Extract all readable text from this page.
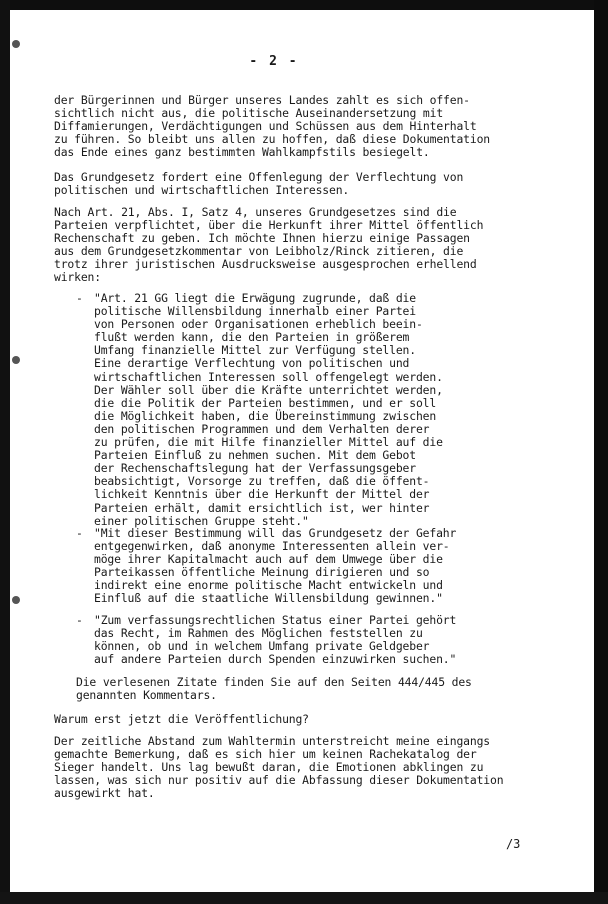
- 2 -
der Bürgerinnen und Bürger unseres Landes zahlt es sich offen-
sichtlich nicht aus, die politische Auseinandersetzung mit
Diffamierungen, Verdächtigungen und Schüssen aus dem Hinterhalt
zu führen. So bleibt uns allen zu hoffen, daß diese Dokumentation
das Ende eines ganz bestimmten Wahlkampfstils besiegelt.
Das Grundgesetz fordert eine Offenlegung der Verflechtung von
politischen und wirtschaftlichen Interessen.
Nach Art. 21, Abs. I, Satz 4, unseres Grundgesetzes sind die
Parteien verpflichtet, über die Herkunft ihrer Mittel öffentlich
Rechenschaft zu geben. Ich möchte Ihnen hierzu einige Passagen
aus dem Grundgesetzkommentar von Leibholz/Rinck zitieren, die
trotz ihrer juristischen Ausdrucksweise ausgesprochen erhellend
wirken:
- "Art. 21 GG liegt die Erwägung zugrunde, daß die
politische Willensbildung innerhalb einer Partei
von Personen oder Organisationen erheblich beein-
flußt werden kann, die den Parteien in größerem
Umfang finanzielle Mittel zur Verfügung stellen.
Eine derartige Verflechtung von politischen und
wirtschaftlichen Interessen soll offengelegt werden.
Der Wähler soll über die Kräfte unterrichtet werden,
die die Politik der Parteien bestimmen, und er soll
die Möglichkeit haben, die Übereinstimmung zwischen
den politischen Programmen und dem Verhalten derer
zu prüfen, die mit Hilfe finanzieller Mittel auf die
Parteien Einfluß zu nehmen suchen. Mit dem Gebot
der Rechenschaftslegung hat der Verfassungsgeber
beabsichtigt, Vorsorge zu treffen, daß die öffent-
lichkeit Kenntnis über die Herkunft der Mittel der
Parteien erhält, damit ersichtlich ist, wer hinter
einer politischen Gruppe steht."
- "Mit dieser Bestimmung will das Grundgesetz der Gefahr
entgegenwirken, daß anonyme Interessenten allein ver-
möge ihrer Kapitalmacht auch auf dem Umwege über die
Parteikassen öffentliche Meinung dirigieren und so
indirekt eine enorme politische Macht entwickeln und
Einfluß auf die staatliche Willensbildung gewinnen."
- "Zum verfassungsrechtlichen Status einer Partei gehört
das Recht, im Rahmen des Möglichen feststellen zu
können, ob und in welchem Umfang private Geldgeber
auf andere Parteien durch Spenden einzuwirken suchen."
Die verlesenen Zitate finden Sie auf den Seiten 444/445 des
genannten Kommentars.
Warum erst jetzt die Veröffentlichung?
Der zeitliche Abstand zum Wahltermin unterstreicht meine eingangs
gemachte Bemerkung, daß es sich hier um keinen Rachekatalog der
Sieger handelt. Uns lag bewußt daran, die Emotionen abklingen zu
lassen, was sich nur positiv auf die Abfassung dieser Dokumentation
ausgewirkt hat.
/3
